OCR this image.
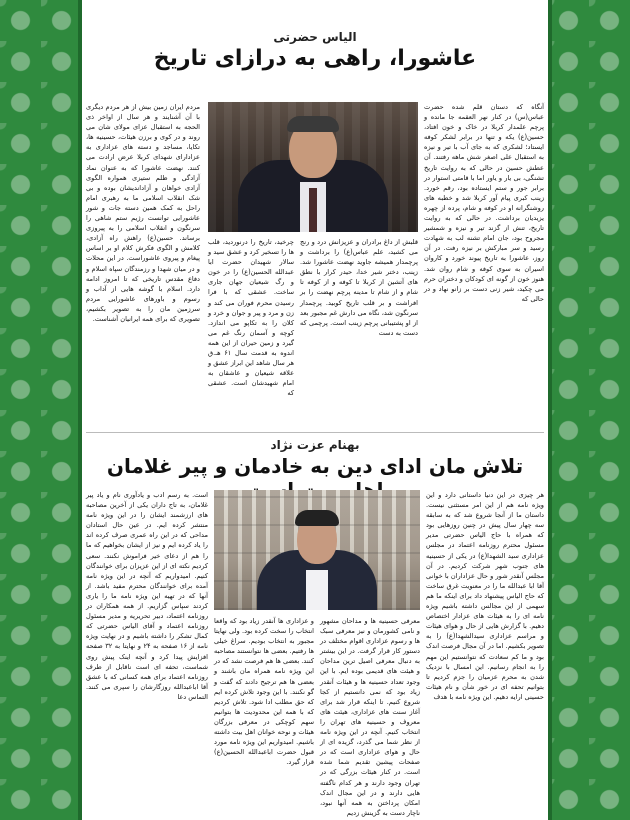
الیاس حضرتی

عاشورا، راهی به درازای تاریخ

آنگاه که دستان قلم شده حضرت عباس(س) در کنار نهر العقمه جا مانده و پرچم علمدار کربلا در خاک و خون افتاد، حسین(ع) یکه و تنها در برابر لشکر کوفه ایستاد؛ لشکری که به جای آب با تیر و نیزه به استقبال علی اصغر شش ماهه رفتند. آن عطش حسین در حالی که به روایت تاریخ تشنگی، بی ‌یار و یاور اما با قامتی استوار در برابر جور و ستم ایستاده بود، رقم خورد. زینب کبری پیام آور کربلا شد و خطبه های روشنگرانه او در کوفه و شام، پرده از چهره یزیدیان برداشت. در حالی که به روایت تاریخ، تنش از گزند تیر و نیزه و شمشیر مجروح بود، جان امام تشنه لب به شهادت رسید و سر مبارکش بر نیزه رفت. در آن روز، عاشورا به تاریخ پیوند خورد و کاروان اسیران به سوی کوفه و شام روان شد. هنوز خون از گونه ای کودکان و دختران حرم می چکید، شیر زنی دست بر زانو نهاد و در حالی که

قلبش از داغ برادران و عزیزانش درد و رنج می کشید، علم عباس(ع) را برداشت و پرچمدار همیشه جاوید نهضت عاشورا شد. زینب، دختر شیر خدا، حیدر کرار با نطق های آتشین از کربلا تا کوفه و از کوفه تا شام و از شام تا مدینه پرچم نهضت را بر افراشت و بر قلب تاریخ کوبید. پرچمدار سرنگون شد، نگاه می دارش غم مجبور بعد از او پشتیبانی پرچم زینب است. پرچمی که دست به دست

چرخید، تاریخ را درنوردید، قلب ها را تسخیر کرد و عشق سید و سالار شهیدان حضرت ابا عبدالله الحسین(ع) را در خون و رگ شیعیان جهان جاری ساخت. عشقی که با فرا رسیدن محرم فوران می کند و زن و مرد و پیر و جوان و خرد و کلان را به تکاپو می اندازد. کوچه و آسمان رنگ غم می گیرد و زمین حیران از این همه اندوه به قدمت سال ۶۱ هـ.ق هر سال شاهد این ابراز عشق و علاقه شیعیان و عاشقان به امام شهیدشان است. عشقی که

مردم ایران زمین بیش از هر مردم دیگری با آن آشنایند و هر سال از اواخر ذی الحجه به استقبال عزای مولای شان می روند و در کوی و برزن هیئات، حسینیه ها، تکایا، مساجد و دسته های عزاداری به عزادارای شهدای کربلا عرض ارادت می کنند. نهضت عاشورا که به عنوان نماد آزادگی و ظلم ستیزی همواره الگوی آزادی خواهان و آزاداندیشان بوده و بی شک انقلاب اسلامی ما به رهبری امام راحل به کمک همین دسته جات و شور عاشورایی توانست رژیم ستم شاهی را سرنگون و انقلاب اسلامی را به پیروزی برساند. حسین(ع) راهش راه آزادی، کلامش و الگوی فکرش کلام او بر اساس پیغام و پیروی عاشوراست. در این محلات و در میان شهدا و رزمندگان سپاه اسلام و دفاع مقدس تاریخی که تا امروز ادامه دارد. اسلام با گوشه هایی از آداب و رسوم و باورهای عاشورایی مردم سرزمین مان را به تصویر بکشیم، تصویری که برای همه ایرانیان آشناست.

بهنام عزت نژاد

تلاش مان ادای دین به خادمان و پیر غلامان

هر چیزی در این دنیا داستانی دارد و این ویژه نامه هم از این امر مستثنی نیست. داستان ما از آنجا شروع شد که به سابقه سه چهار سال پیش در چنین روزهایی بود که همراه با حاج الیاس حضرتی مدیر مسئول محترم روزنامه اعتماد در مجلس عزاداری سید الشهدا(ع) در یکی از حسینیه های جنوب شهر شرکت کردیم. در آن مجلس آنقدر شور و حال عزاداران با خوانی آقا ابا عبدالله ما را در معنویت غرق ساخت که حاج الیاس پیشنهاد داد برای اینکه ما هم سهمی از این مجالس داشته باشیم ویژه نامه ای را به هیئات های عزادار اختصاص دهیم. با گزارش هایی از حال و هوای هیئات و مراسم عزاداری سیدالشهدا(ع) را به تصویر بکشیم. اما در آن مجال فرصت اندک بود و ما کم سعادت که نتوانستیم این مهم را به انجام رسانیم. این امسال با نزدیک شدن به محرم عزمیان را جزم کردیم تا بتوانیم تحفه ای در خور شأن و نام هیئات حسینی ارایه دهیم. این ویژه نامه با هدف

معرفی حسینیه ها و مداحان مشهور و نامی کشورمان و نیز معرفی سبک ها و رسوم عزاداری اقوام مختلف در دستور کار قرار گرفت. در این بیشتر به دنبال معرفی اصیل ترین مداحان و هیئت های قدیمی بوده ایم. با این وجود تعداد حسینیه ها و هیئات آنقدر زیاد بود که نمی دانستیم از کجا شروع کنیم. تا اینکه قرار شد برای آغاز سنت های عزاداری، هیئت های معروف و حسینیه های تهران را انتخاب کنیم. آنچه در این ویژه نامه از نظر شما می گذرد، گزیده ای از حال و هوای عزاداری است که در صفحات پیشین تقدیم شما شده است. در کنار هیئات بزرگی که در تهران وجود دارند و هر کدام ناگفته هایی دارند و در این مجال اندک امکان پرداختن به همه آنها نبود، ناچار دست به گزینش زدیم

و عزاداری ها آنقدر زیاد بود که واقعا انتخاب را سخت کرده بود. ولی نهایتا مجبور به انتخاب بودیم. سراغ خیلی ها رفتیم. بعضی ها نتوانستند مصاحبه کنند. بعضی ها هم فرصت نشد که در این ویژه نامه همراه مان باشند و بعضی ها هم ترجیح دادند که گفت و گو نکنند. با این وجود تلاش کرده ایم که حق مطلب ادا شود. تلاش کردیم که با همه این محدودیت ها بتوانیم سهم کوچکی در معرفی بزرگان هیئات و نوحه خوانان اهل بیت داشته باشیم. امیدواریم این ویژه نامه مورد قبول حضرت اباعبدالله الحسین(ع) قرار گیرد.

است. به رسم ادب و یادآوری نام و یاد پیر غلامان، به تاج داران یکی از آخرین مصاحبه های ارزشمند ایشان را در این ویژه نامه منتشر کرده ایم. در عین حال استادان مداحی که در این راه عمری صرف کرده اند را یاد کرده ایم و نیز از ایشان بخواهیم که ما را هم از دعای خیر فراموش نکنند. سعی کردیم نکته ای از این عزیزان برای خوانندگان کنیم. امیدواریم که آنچه در این ویژه نامه آمده برای خوانندگان محترم مفید باشد. از آنها که در تهیه این ویژه نامه ما را یاری کردند سپاس گزاریم. از همه همکاران در روزنامه اعتماد، دبیر تحریریه و مدیر مسئول روزنامه اعتماد و آقای الیاس حضرتی که کمال تشکر را داشته باشیم و در نهایت ویژه نامه از ۱۶ صفحه به ۲۴ و نهایتا به ۳۲ صفحه افزایش پیدا کرد و آنچه اینک پیش روی شماست، تحفه ای است ناقابل از طرف روزنامه اعتماد برای همه کسانی که با عشق آقا اباعبدالله روزگارشان را سپری می کنند. التماس دعا
